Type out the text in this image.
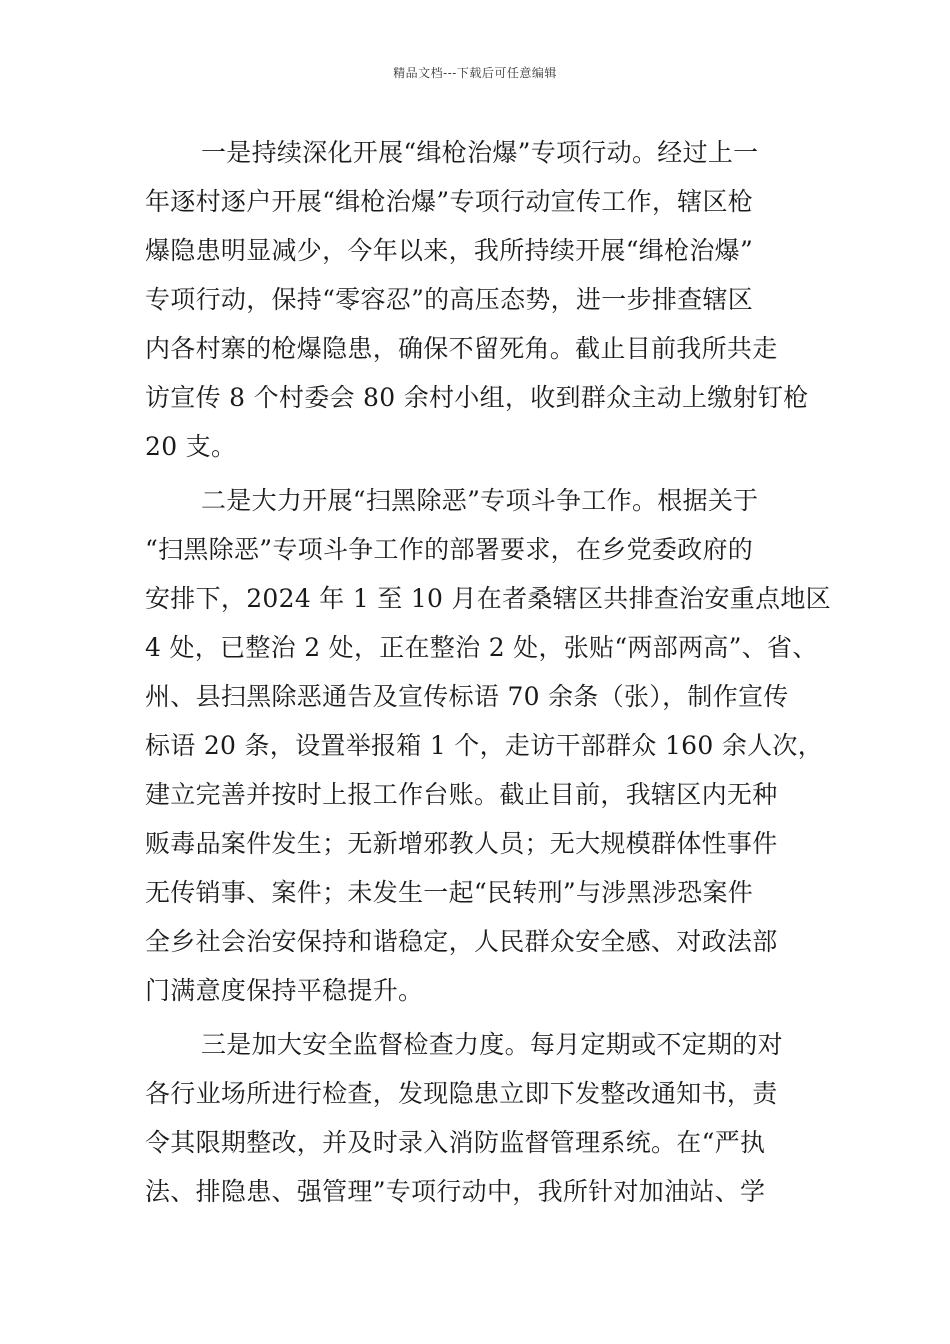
精品文档---下载后可任意编辑
一是持续深化开展“缉枪治爆”专项行动。经过上一
年逐村逐户开展“缉枪治爆”专项行动宣传工作，辖区枪
爆隐患明显减少，今年以来，我所持续开展“缉枪治爆”
专项行动，保持“零容忍”的高压态势，进一步排查辖区
内各村寨的枪爆隐患，确保不留死角。截止目前我所共走
访宣传 8 个村委会 80 余村小组，收到群众主动上缴射钉枪
20 支。
二是大力开展“扫黑除恶”专项斗争工作。根据关于
“扫黑除恶”专项斗争工作的部署要求，在乡党委政府的
安排下，2024 年 1 至 10 月在者桑辖区共排查治安重点地区
4 处，已整治 2 处，正在整治 2 处，张贴“两部两高”、省、
州、县扫黑除恶通告及宣传标语 70 余条（张），制作宣传
标语 20 条，设置举报箱 1 个，走访干部群众 160 余人次，
建立完善并按时上报工作台账。截止目前，我辖区内无种
贩毒品案件发生；无新增邪教人员；无大规模群体性事件
无传销事、案件；未发生一起“民转刑”与涉黑涉恐案件
全乡社会治安保持和谐稳定，人民群众安全感、对政法部
门满意度保持平稳提升。
三是加大安全监督检查力度。每月定期或不定期的对
各行业场所进行检查，发现隐患立即下发整改通知书，责
令其限期整改，并及时录入消防监督管理系统。在“严执
法、排隐患、强管理”专项行动中，我所针对加油站、学
